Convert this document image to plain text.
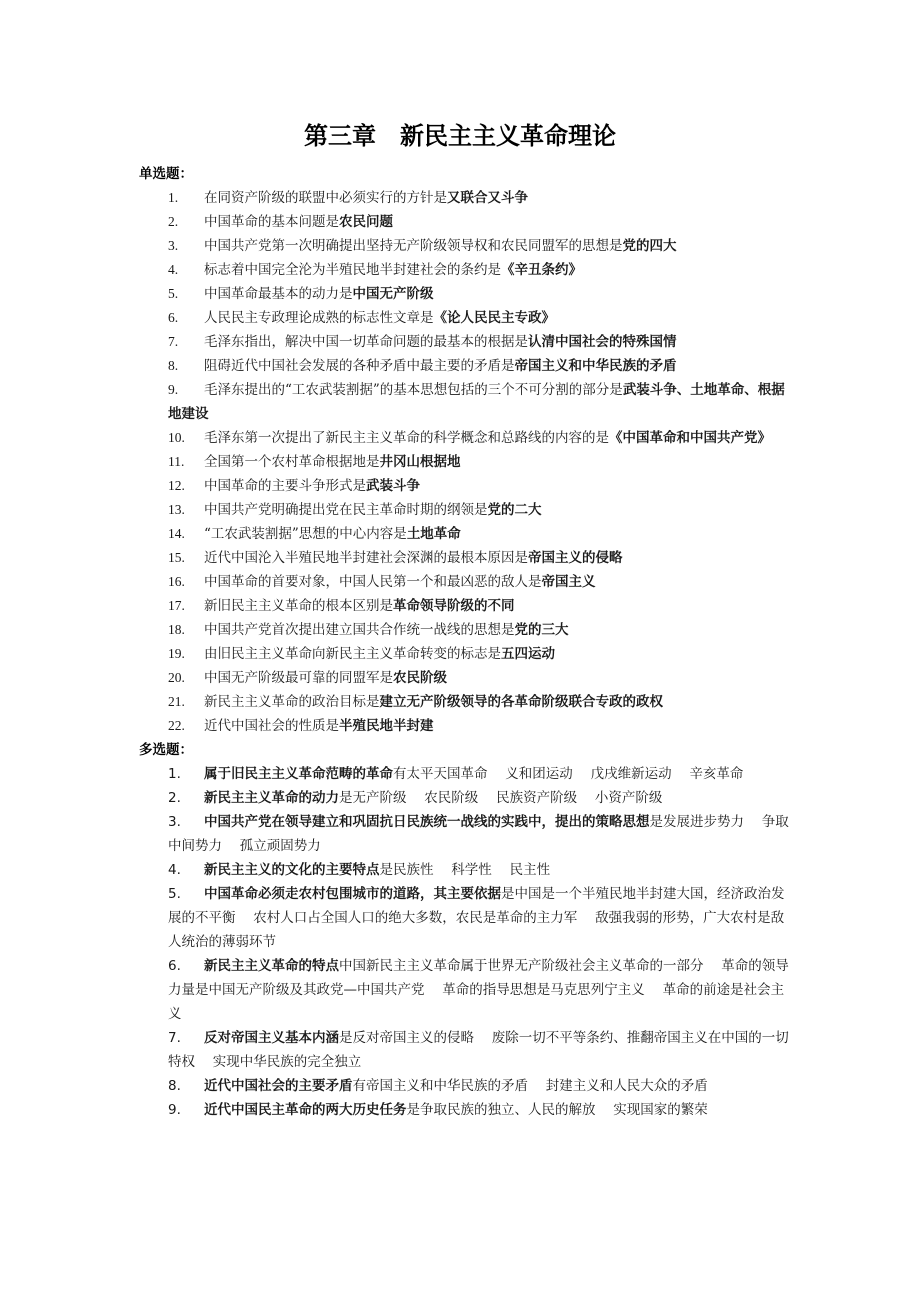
第三章　新民主主义革命理论
单选题：
1. 在同资产阶级的联盟中必须实行的方针是又联合又斗争
2. 中国革命的基本问题是农民问题
3. 中国共产党第一次明确提出坚持无产阶级领导权和农民同盟军的思想是党的四大
4. 标志着中国完全沦为半殖民地半封建社会的条约是《辛丑条约》
5. 中国革命最基本的动力是中国无产阶级
6. 人民民主专政理论成熟的标志性文章是《论人民民主专政》
7. 毛泽东指出，解决中国一切革命问题的最基本的根据是认清中国社会的特殊国情
8. 阻碍近代中国社会发展的各种矛盾中最主要的矛盾是帝国主义和中华民族的矛盾
9. 毛泽东提出的“工农武装割据”的基本思想包括的三个不可分割的部分是武装斗争、土地革命、根据地建设
10. 毛泽东第一次提出了新民主主义革命的科学概念和总路线的内容的是《中国革命和中国共产党》
11. 全国第一个农村革命根据地是井冈山根据地
12. 中国革命的主要斗争形式是武装斗争
13. 中国共产党明确提出党在民主革命时期的纲领是党的二大
14. “工农武装割据”思想的中心内容是土地革命
15. 近代中国沦入半殖民地半封建社会深渊的最根本原因是帝国主义的侵略
16. 中国革命的首要对象，中国人民第一个和最凶恶的敌人是帝国主义
17. 新旧民主主义革命的根本区别是革命领导阶级的不同
18. 中国共产党首次提出建立国共合作统一战线的思想是党的三大
19. 由旧民主主义革命向新民主主义革命转变的标志是五四运动
20. 中国无产阶级最可靠的同盟军是农民阶级
21. 新民主主义革命的政治目标是建立无产阶级领导的各革命阶级联合专政的政权
22. 近代中国社会的性质是半殖民地半封建
多选题：
1. 属于旧民主主义革命范畴的革命有太平天国革命　 义和团运动　 戊戌维新运动　 辛亥革命
2. 新民主主义革命的动力是无产阶级　 农民阶级　 民族资产阶级　 小资产阶级
3. 中国共产党在领导建立和巩固抗日民族统一战线的实践中，提出的策略思想是发展进步势力　 争取中间势力　 孤立顽固势力
4. 新民主主义的文化的主要特点是民族性　 科学性　 民主性
5. 中国革命必须走农村包围城市的道路，其主要依据是中国是一个半殖民地半封建大国，经济政治发展的不平衡　 农村人口占全国人口的绝大多数，农民是革命的主力军　 敌强我弱的形势，广大农村是敌人统治的薄弱环节
6. 新民主主义革命的特点中国新民主主义革命属于世界无产阶级社会主义革命的一部分　 革命的领导力量是中国无产阶级及其政党—中国共产党　 革命的指导思想是马克思列宁主义　 革命的前途是社会主义
7. 反对帝国主义基本内涵是反对帝国主义的侵略　 废除一切不平等条约、推翻帝国主义在中国的一切特权　 实现中华民族的完全独立
8. 近代中国社会的主要矛盾有帝国主义和中华民族的矛盾　 封建主义和人民大众的矛盾
9. 近代中国民主革命的两大历史任务是争取民族的独立、人民的解放　 实现国家的繁荣
